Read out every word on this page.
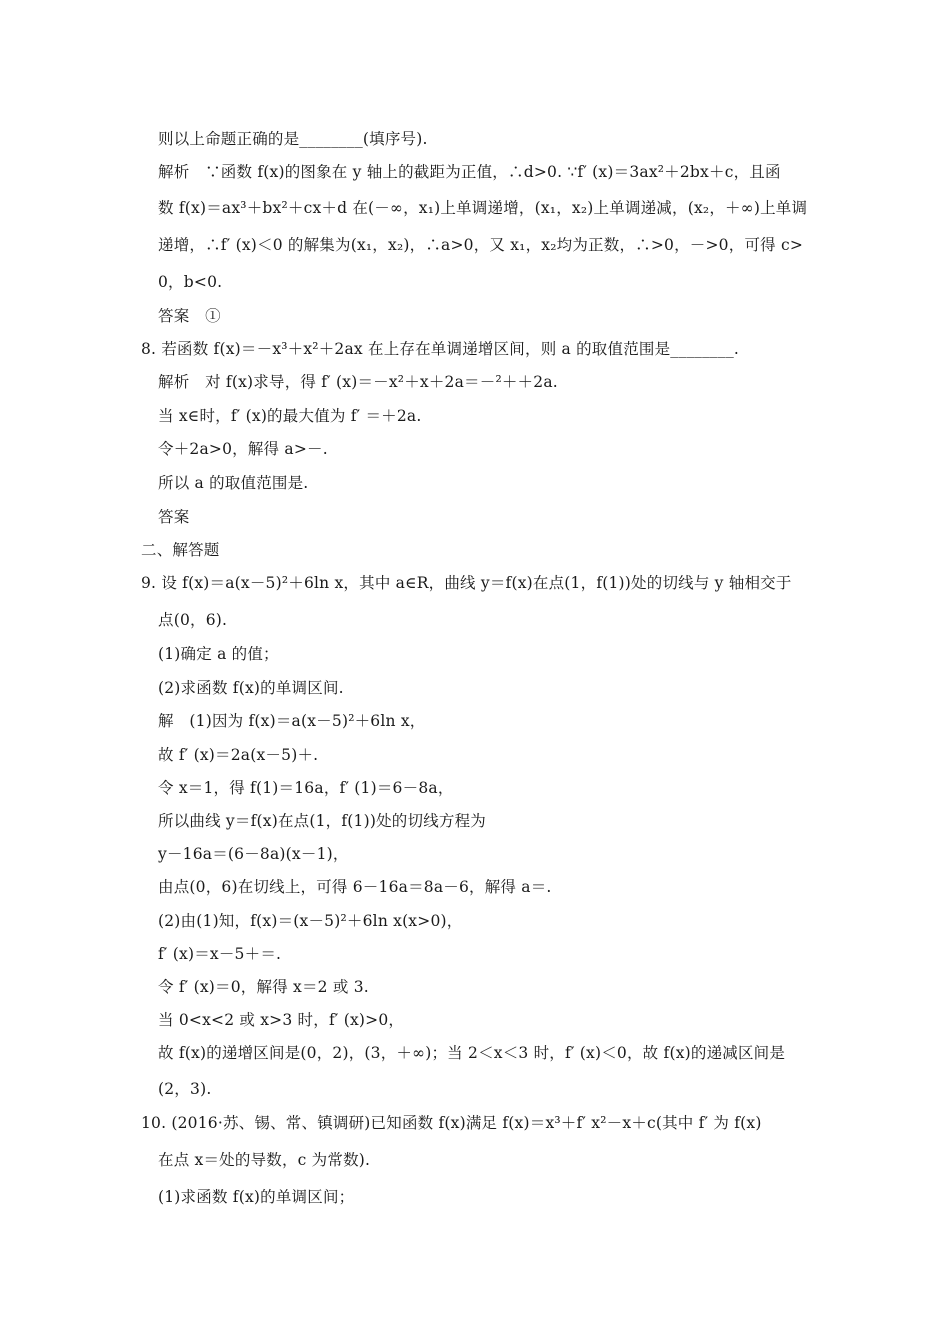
则以上命题正确的是________(填序号).
解析　∵函数 f(x)的图象在 y 轴上的截距为正值，∴d>0. ∵f′ (x)＝3ax²＋2bx＋c，且函
数 f(x)＝ax³＋bx²＋cx＋d 在(－∞，x₁)上单调递增，(x₁，x₂)上单调递减，(x₂，＋∞)上单调
递增，∴f′ (x)＜0 的解集为(x₁，x₂)，∴a>0，又 x₁，x₂均为正数，∴>0，－>0，可得 c>
0，b<0.
答案　①
8. 若函数 f(x)＝－x³＋x²＋2ax 在上存在单调递增区间，则 a 的取值范围是________.
解析　对 f(x)求导，得 f′ (x)＝－x²＋x＋2a＝－²＋＋2a.
当 x∈时，f′ (x)的最大值为 f′ ＝＋2a.
令＋2a>0，解得 a>－.
所以 a 的取值范围是.
答案
二、解答题
9. 设 f(x)＝a(x－5)²＋6ln x，其中 a∈R，曲线 y＝f(x)在点(1，f(1))处的切线与 y 轴相交于
点(0，6).
(1)确定 a 的值；
(2)求函数 f(x)的单调区间.
解　(1)因为 f(x)＝a(x－5)²＋6ln x，
故 f′ (x)＝2a(x－5)＋.
令 x＝1，得 f(1)＝16a，f′ (1)＝6－8a，
所以曲线 y＝f(x)在点(1，f(1))处的切线方程为
y－16a＝(6－8a)(x－1)，
由点(0，6)在切线上，可得 6－16a＝8a－6，解得 a＝.
(2)由(1)知，f(x)＝(x－5)²＋6ln x(x>0)，
f′ (x)＝x－5＋＝.
令 f′ (x)＝0，解得 x＝2 或 3.
当 0<x<2 或 x>3 时，f′ (x)>0，
故 f(x)的递增区间是(0，2)，(3，＋∞)；当 2＜x＜3 时，f′ (x)＜0，故 f(x)的递减区间是
(2，3).
10. (2016·苏、锡、常、镇调研)已知函数 f(x)满足 f(x)＝x³＋f′ x²－x＋c(其中 f′ 为 f(x)
在点 x＝处的导数，c 为常数).
(1)求函数 f(x)的单调区间；
